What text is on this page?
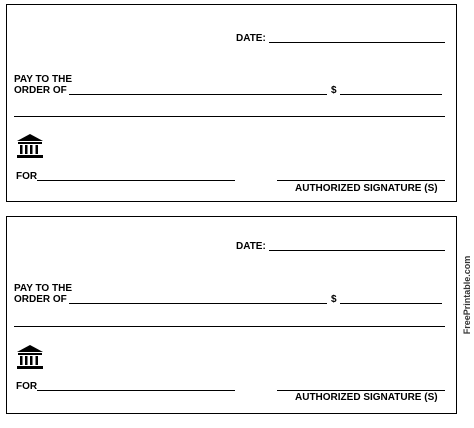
DATE:
PAY TO THE
ORDER OF	$
FOR
AUTHORIZED SIGNATURE (S)
DATE:
PAY TO THE
ORDER OF	$
FOR
AUTHORIZED SIGNATURE (S)
FreePrintable.com
